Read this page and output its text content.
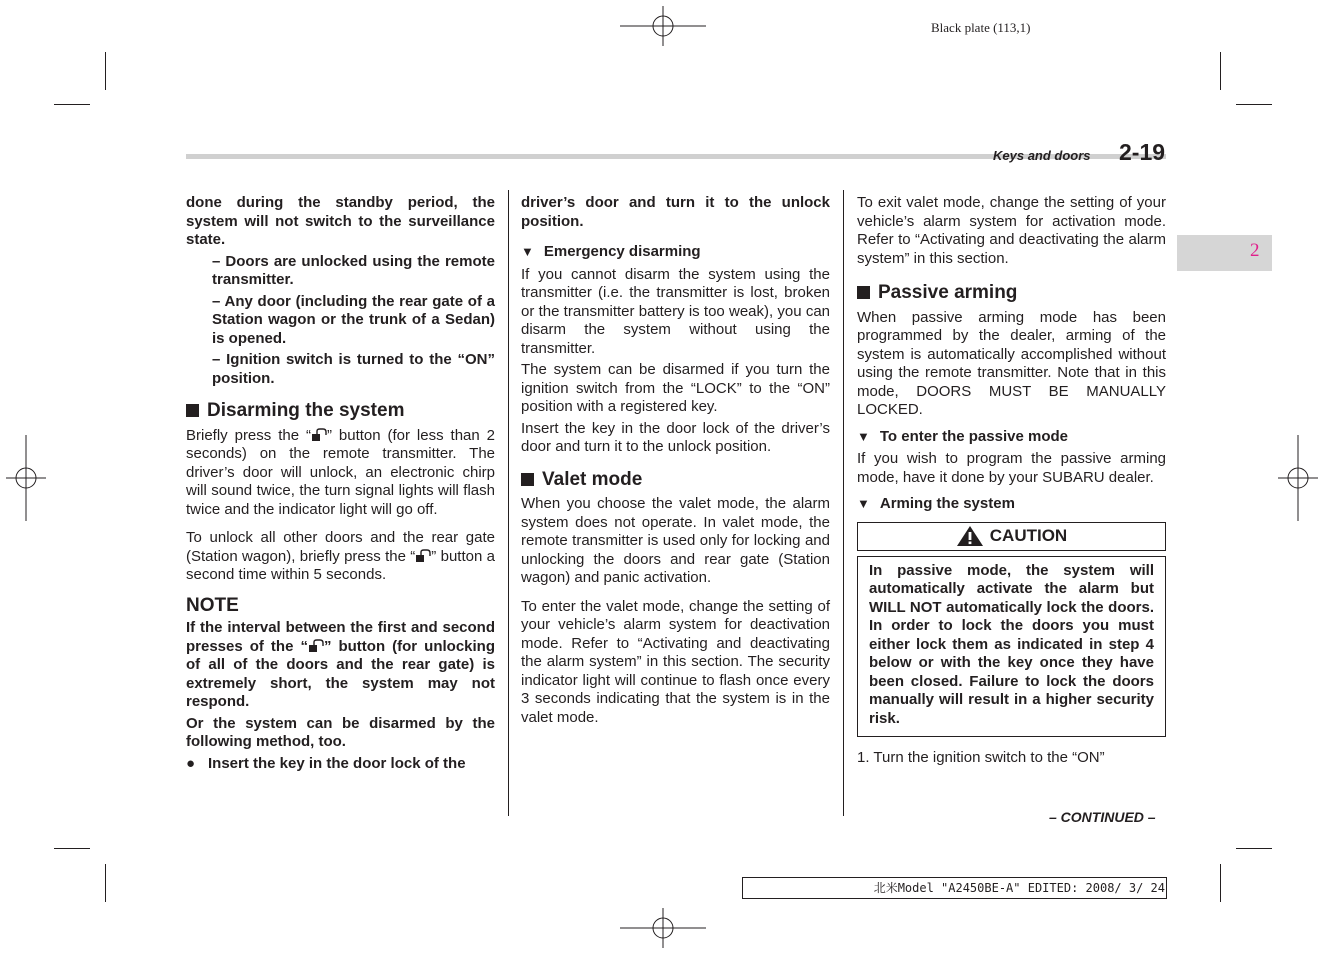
Black plate (113,1)
Keys and doors 2-19
2

done during the standby period, the system will not switch to the surveillance state.

– Doors are unlocked using the remote transmitter.

– Any door (including the rear gate of a Station wagon or the trunk of a Sedan) is opened.

– Ignition switch is turned to the “ON” position.

Disarming the system

Briefly press the “ ” button (for less than 2 seconds) on the remote transmitter. The driver’s door will unlock, an electronic chirp will sound twice, the turn signal lights will flash twice and the indicator light will go off.

To unlock all other doors and the rear gate (Station wagon), briefly press the “ ” button a second time within 5 seconds.

NOTE

If the interval between the first and second presses of the “ ” button (for unlocking of all of the doors and the rear gate) is extremely short, the system may not respond.

Or the system can be disarmed by the following method, too.

● Insert the key in the door lock of the

driver’s door and turn it to the unlock position.

▼ Emergency disarming

If you cannot disarm the system using the transmitter (i.e. the transmitter is lost, broken or the transmitter battery is too weak), you can disarm the system without using the transmitter.

The system can be disarmed if you turn the ignition switch from the “LOCK” to the “ON” position with a registered key.

Insert the key in the door lock of the driver’s door and turn it to the unlock position.

Valet mode

When you choose the valet mode, the alarm system does not operate. In valet mode, the remote transmitter is used only for locking and unlocking the doors and rear gate (Station wagon) and panic activation.

To enter the valet mode, change the setting of your vehicle’s alarm system for deactivation mode. Refer to “Activating and deactivating the alarm system” in this section. The security indicator light will continue to flash once every 3 seconds indicating that the system is in the valet mode.

To exit valet mode, change the setting of your vehicle’s alarm system for activation mode. Refer to “Activating and deactivating the alarm system” in this section.

Passive arming

When passive arming mode has been programmed by the dealer, arming of the system is automatically accomplished without using the remote transmitter. Note that in this mode, DOORS MUST BE MANUALLY LOCKED.

▼ To enter the passive mode

If you wish to program the passive arming mode, have it done by your SUBARU dealer.

▼ Arming the system

CAUTION

In passive mode, the system will automatically activate the alarm but WILL NOT automatically lock the doors. In order to lock the doors you must either lock them as indicated in step 4 below or with the key once they have been closed. Failure to lock the doors manually will result in a higher security risk.

1. Turn the ignition switch to the “ON”

– CONTINUED –
北米Model "A2450BE-A" EDITED: 2008/ 3/ 24
